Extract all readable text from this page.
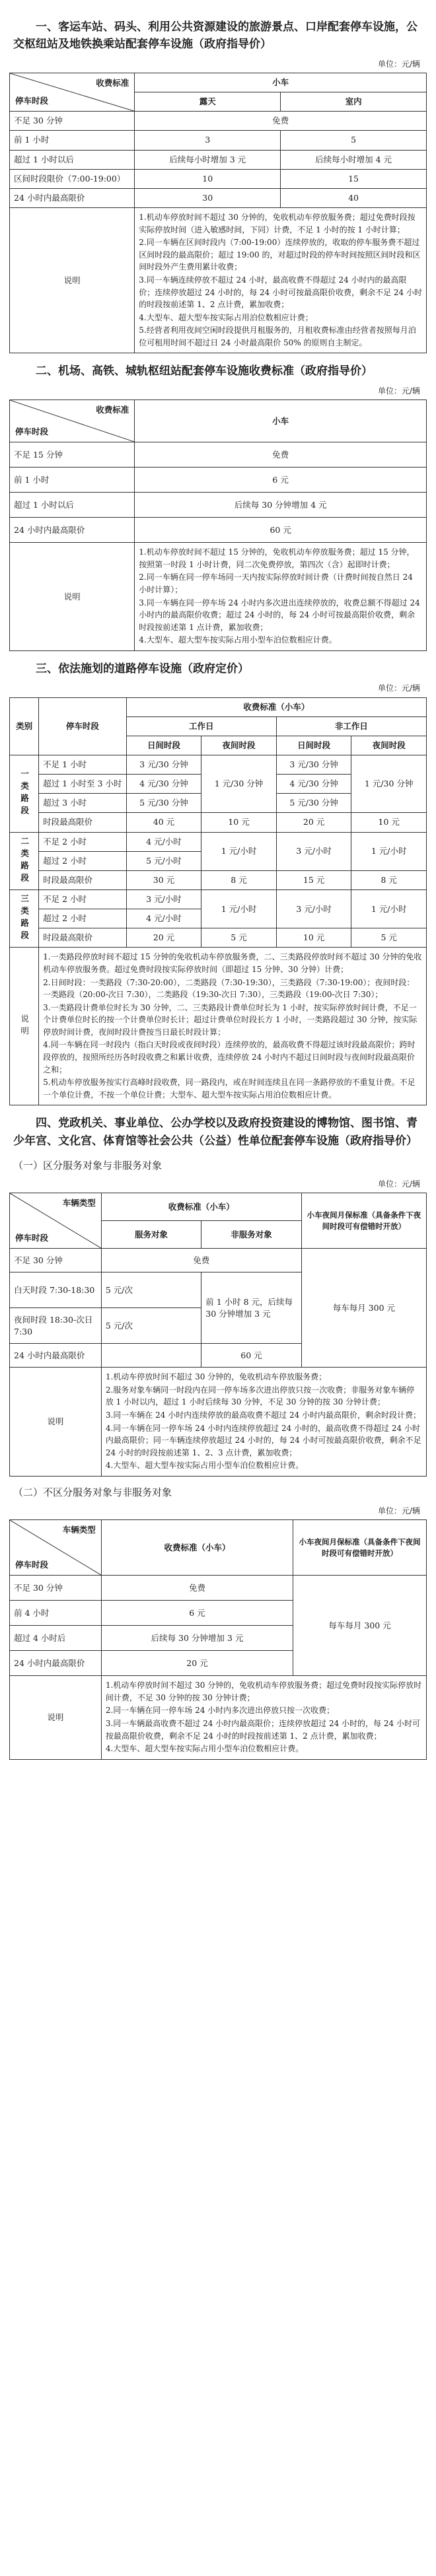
一、客运车站、码头、利用公共资源建设的旅游景点、口岸配套停车设施，公交枢纽站及地铁换乘站配套停车设施（政府指导价）
单位：元/辆
收费标准
停车时段	小车	
	露天	室内
不足 30 分钟	免费	
前 1 小时	3	5
超过 1 小时以后	后续每小时增加 3 元	后续每小时增加 4 元
区间时段限价（7:00-19:00）	10	15
24 小时内最高限价	30	40
说明	1.机动车停放时间不超过 30 分钟的，免收机动车停放服务费；超过免费时段按实际停放时间（进入敏感时间，下同）计费，不足 1 小时的按 1 小时计算；
2.同一车辆在区间时段内（7:00-19:00）连续停放的，收取的停车服务费不超过区间时段的最高限价；超过 19:00 的，对超过时段的停车时间按照区间时段和区间时段外产生费用累计收费；
3.同一车辆连续停放不超过 24 小时，最高收费不得超过 24 小时内的最高限价；连续停放超过 24 小时的，每 24 小时可按最高限价收费，剩余不足 24 小时的时段按前述第 1、2 点计费，累加收费；
4.大型车、超大型车按实际占用泊位数相应计费；
5.经营者利用夜间空闲时段提供月租服务的，月租收费标准由经营者按照每月泊位可租用时间不超过日 24 小时最高限价 50% 的原则自主制定。	
二、机场、高铁、城轨枢纽站配套停车设施收费标准（政府指导价）
单位：元/辆
收费标准
停车时段	小车
不足 15 分钟	免费
前 1 小时	6 元
超过 1 小时以后	后续每 30 分钟增加 4 元
24 小时内最高限价	60 元
说明	1.机动车停放时间不超过 15 分钟的，免收机动车停放服务费；超过 15 分钟，按照第一时段 1 小时计费，同二次免费停放，第四次（含）起即时计费；
2.同一车辆在同一停车场同一天内按实际停放时间计费（计费时间按自然日 24 小时计算）；
3.同一车辆在同一停车场 24 小时内多次进出连续停放的，收费总额不得超过 24 小时内的最高限价收费；超过 24 小时的，每 24 小时可按最高限价收费，剩余时段按前述第 1 点计费，累加收费；
4.大型车、超大型车按实际占用小型车泊位数相应计费。
三、依法施划的道路停车设施（政府定价）
单位：元/辆
类别	停车时段	收费标准（小车）			
		工作日		非工作日	
		日间时段	夜间时段	日间时段	夜间时段

一类路段	不足 1 小时	3 元/30 分钟	1 元/30 分钟	3 元/30 分钟	1 元/30 分钟
	超过 1 小时至 3 小时	4 元/30 分钟		4 元/30 分钟	
	超过 3 小时	5 元/30 分钟		5 元/30 分钟	
	时段最高限价	40 元	10 元	20 元	10 元

二类路段	不足 2 小时	4 元/小时	1 元/小时	3 元/小时	1 元/小时
	超过 2 小时	5 元/小时			
	时段最高限价	30 元	8 元	15 元	8 元

三类路段	不足 2 小时	3 元/小时	1 元/小时	3 元/小时	1 元/小时
	超过 2 小时	4 元/小时			
	时段最高限价	20 元	5 元	10 元	5 元

说明	1.一类路段停放时间不超过 15 分钟的免收机动车停放服务费，二、三类路段停放时间不超过 30 分钟的免收机动车停放服务费。超过免费时段按实际停放时间（即超过 15 分钟、30 分钟）计费；
2.日间时段：一类路段（7:30-20:00），二类路段（7:30-19:30），三类路段（7:30-19:00）；夜间时段：一类路段（20:00-次日 7:30），二类路段（19:30-次日 7:30），三类路段（19:00-次日 7:30）；
3.一类路段计费单位时长为 30 分钟，二、三类路段计费单位时长为 1 小时，按实际停放时间计费，不足一个计费单位时长的按一个计费单位时长计；超过计费单位时段长方 1 小时，一类路段超过 30 分钟，按实际停放时间计费，夜间时段计费按当日最长时段计算；
4.同一车辆在同一时段内（指白天时段或夜间时段）连续停放的，最高收费不得超过该时段最高限价；跨时段停放的，按照所经历各时段收费之和累计收费，连续停放 24 小时内不超过日间时段与夜间时段最高限价之和；
5.机动车停放服务按实行高峰时段收费，同一路段内，或在时间连续且在同一条路停放的不重复计费。不足一个单位计费，不按一个单位计费；大型车、超大型车按实际占用泊位数相应计费。				
四、党政机关、事业单位、公办学校以及政府投资建设的博物馆、图书馆、青少年宫、文化宫、体育馆等社会公共（公益）性单位配套停车设施（政府指导价）
（一）区分服务对象与非服务对象
单位：元/辆
车辆类型
停车时段	收费标准（小车）		小车夜间月保标准（具备条件下夜间时段可有偿错时开放）
	服务对象	非服务对象	
不足 30 分钟	免费		每车每月 300 元
白天时段 7:30-18:30	5 元/次	前 1 小时 8 元，后续每 30 分钟增加 3 元	
夜间时段 18:30-次日 7:30	5 元/次		
24 小时内最高限价		60 元	
说明	1.机动车停放时间不超过 30 分钟的，免收机动车停放服务费；
2.服务对象车辆同一时段内在同一停车场多次进出停放只按一次收费；非服务对象车辆停放 1 小时以内，超过 1 小时后续每 30 分钟，不足 30 分钟的按 30 分钟计费；
3.同一车辆在 24 小时内连续停放的最高收费不超过 24 小时内最高限价，剩余时段计费；
4.同一车辆在同一停车场 24 小时内连续停放超过 24 小时的，最高收费不得超过 24 小时内最高限价；同一车辆连续停放超过 24 小时的，每 24 小时可按最高限价收费，剩余不足 24 小时的时段按前述第 1、2、3 点计费，累加收费；
4.大型车、超大型车按实际占用小型车泊位数相应计费。		
（二）不区分服务对象与非服务对象
单位：元/辆
车辆类型
停车时段	收费标准（小车）	小车夜间月保标准（具备条件下夜间时段可有偿错时开放）
不足 30 分钟	免费	每车每月 300 元
前 4 小时	6 元	
超过 4 小时后	后续每 30 分钟增加 3 元	
24 小时内最高限价	20 元	
说明	1.机动车停放时间不超过 30 分钟的，免收机动车停放服务费；超过免费时段按实际停放时间计费，不足 30 分钟的按 30 分钟计费；
2.同一车辆在同一停车场 24 小时内多次进出停放只按一次收费；
3.同一车辆最高收费不超过 24 小时内最高限价；连续停放超过 24 小时的，每 24 小时可按最高限价收费，剩余不足 24 小时的时段按前述第 1、2 点计费，累加收费；
4.大型车、超大型车按实际占用小型车泊位数相应计费。	
